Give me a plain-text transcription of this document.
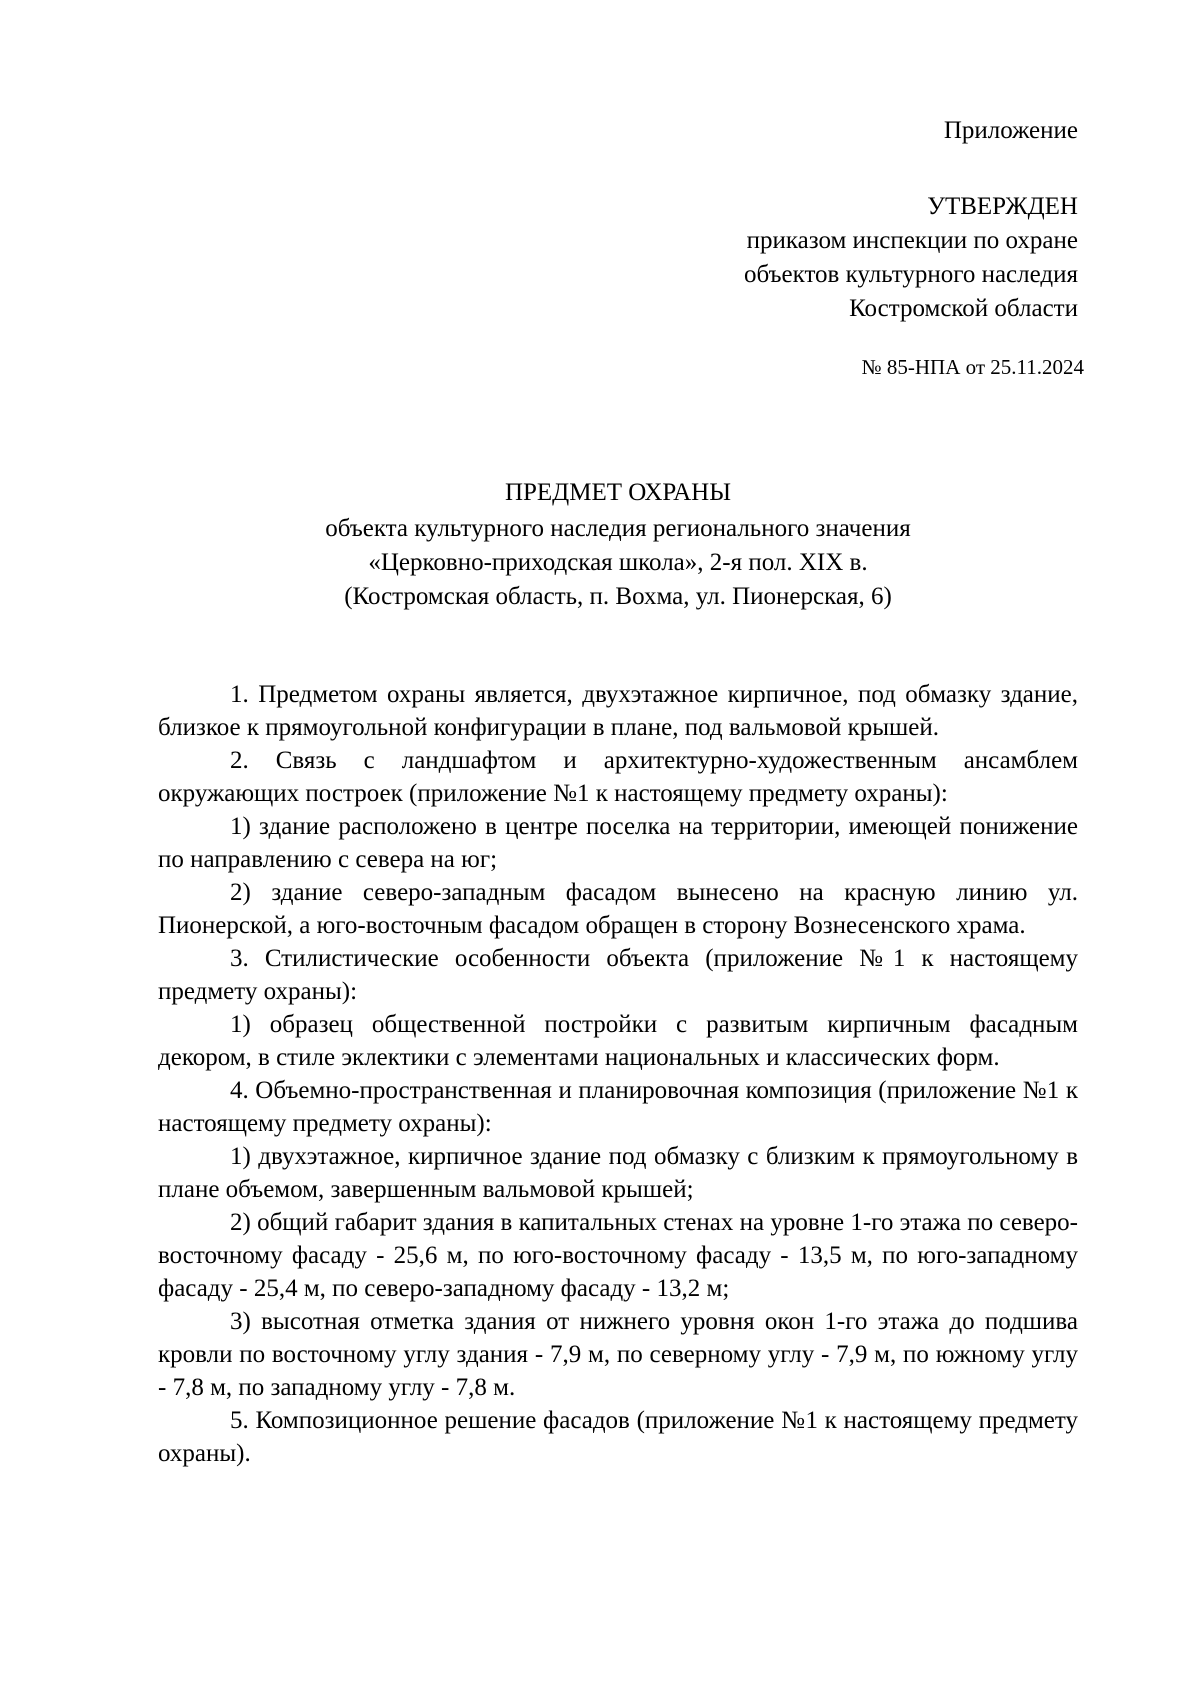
Приложение
УТВЕРЖДЕН
приказом инспекции по охране
объектов культурного наследия
Костромской области
№ 85-НПА от 25.11.2024
ПРЕДМЕТ ОХРАНЫ
объекта культурного наследия регионального значения
«Церковно-приходская школа», 2-я пол. XIX в.
(Костромская область, п. Вохма, ул. Пионерская, 6)

1. Предметом охраны является, двухэтажное кирпичное, под обмазку здание, близкое к прямоугольной конфигурации в плане, под вальмовой крышей.

2. Связь с ландшафтом и архитектурно-художественным ансамблем окружающих построек (приложение №1 к настоящему предмету охраны):

1) здание расположено в центре поселка на территории, имеющей понижение по направлению с севера на юг;

2) здание северо-западным фасадом вынесено на красную линию ул. Пионерской, а юго-восточным фасадом обращен в сторону Вознесенского храма.

3. Стилистические особенности объекта (приложение №1 к настоящему предмету охраны):

1) образец общественной постройки с развитым кирпичным фасадным декором, в стиле эклектики с элементами национальных и классических форм.

4. Объемно-пространственная и планировочная композиция (приложение №1 к настоящему предмету охраны):

1) двухэтажное, кирпичное здание под обмазку с близким к прямоугольному в плане объемом, завершенным вальмовой крышей;

2) общий габарит здания в капитальных стенах на уровне 1-го этажа по северо-восточному фасаду - 25,6 м, по юго-восточному фасаду - 13,5 м, по юго-западному фасаду - 25,4 м, по северо-западному фасаду - 13,2 м;

3) высотная отметка здания от нижнего уровня окон 1-го этажа до подшива кровли по восточному углу здания - 7,9 м, по северному углу - 7,9 м, по южному углу - 7,8 м, по западному углу - 7,8 м.

5. Композиционное решение фасадов (приложение №1 к настоящему предмету охраны).
